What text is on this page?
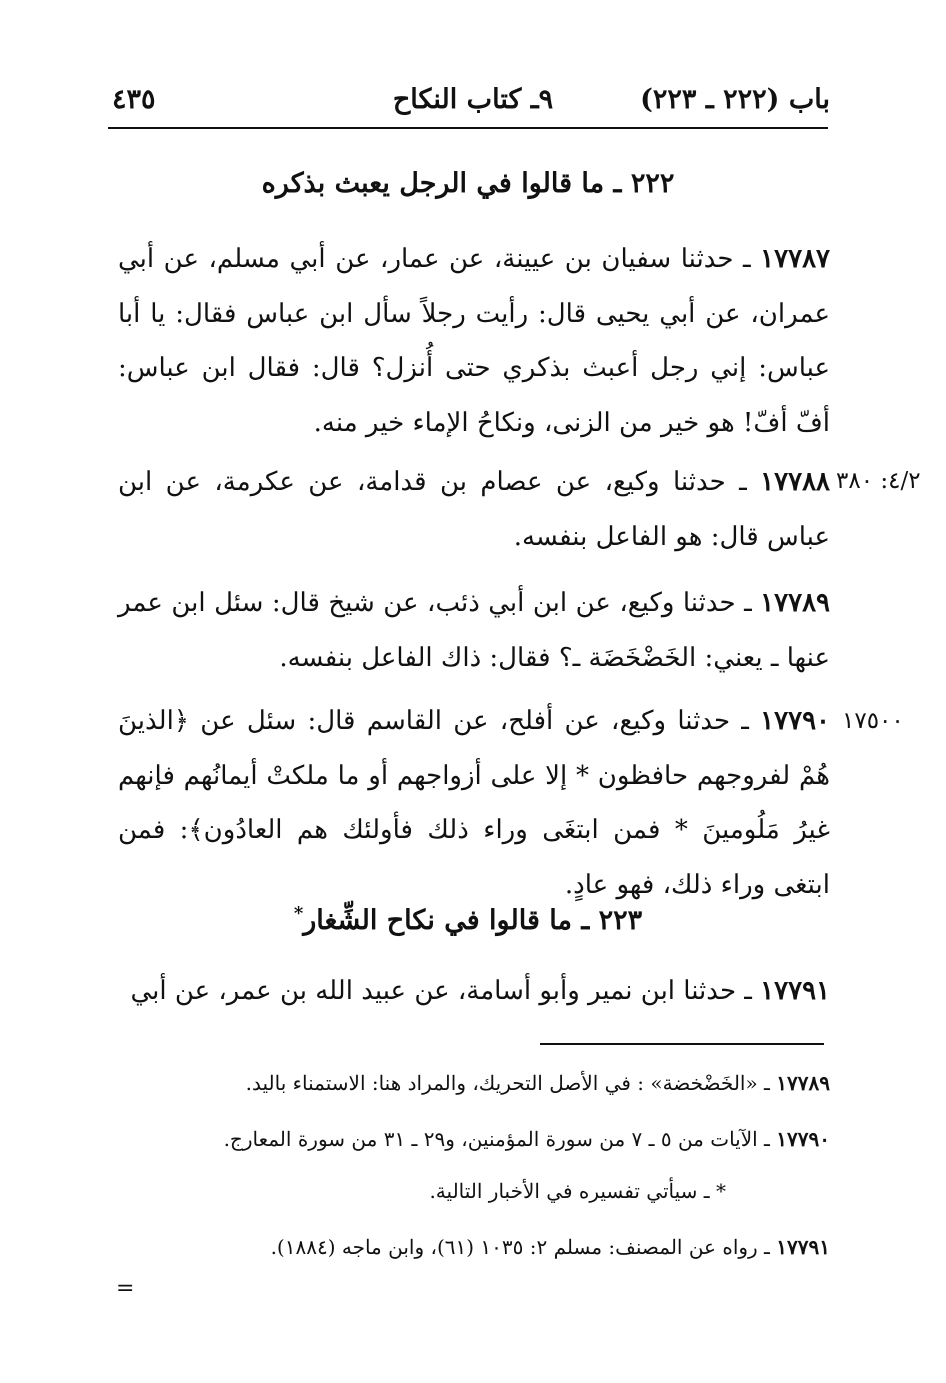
باب (٢٢٢ ـ ٢٢٣)
٩ـ كتاب النكاح
٤٣٥
٢٢٢ ـ ما قالوا في الرجل يعبث بذكره
١٧٧٨٧ ـ حدثنا سفيان بن عيينة، عن عمار، عن أبي مسلم، عن أبي عمران، عن أبي يحيى قال: رأيت رجلاً سأل ابن عباس فقال: يا أبا عباس: إني رجل أعبث بذكري حتى أُنزل؟ قال: فقال ابن عباس: أفّ أفّ! هو خير من الزنى، ونكاحُ الإماء خير منه.
١٧٧٨٨ ـ حدثنا وكيع، عن عصام بن قدامة، عن عكرمة، عن ابن عباس قال: هو الفاعل بنفسه.
٤/٢: ٣٨٠
١٧٧٨٩ ـ حدثنا وكيع، عن ابن أبي ذئب، عن شيخ قال: سئل ابن عمر عنها ـ يعني: الخَضْخَضَة ـ؟ فقال: ذاك الفاعل بنفسه.
١٧٧٩٠ ـ حدثنا وكيع، عن أفلح، عن القاسم قال: سئل عن ﴿الذينَ هُمْ لفروجهم حافظون * إلا على أزواجهم أو ما ملكتْ أيمانُهم فإنهم غيرُ مَلُومينَ * فمن ابتغَى وراء ذلك فأولئك هم العادُون﴾: فمن ابتغى وراء ذلك، فهو عادٍ.
١٧٥٠٠
٢٢٣ ـ ما قالوا في نكاح الشِّغار*
١٧٧٩١ ـ حدثنا ابن نمير وأبو أسامة، عن عبيد الله بن عمر، عن أبي
١٧٧٨٩ ـ «الخَضْخضة» : في الأصل التحريك، والمراد هنا: الاستمناء باليد.
١٧٧٩٠ ـ الآيات من ٥ ـ ٧ من سورة المؤمنين، و٢٩ ـ ٣١ من سورة المعارج.
* ـ سيأتي تفسيره في الأخبار التالية.
١٧٧٩١ ـ رواه عن المصنف: مسلم ٢: ١٠٣٥ (٦١)، وابن ماجه (١٨٨٤).
=
